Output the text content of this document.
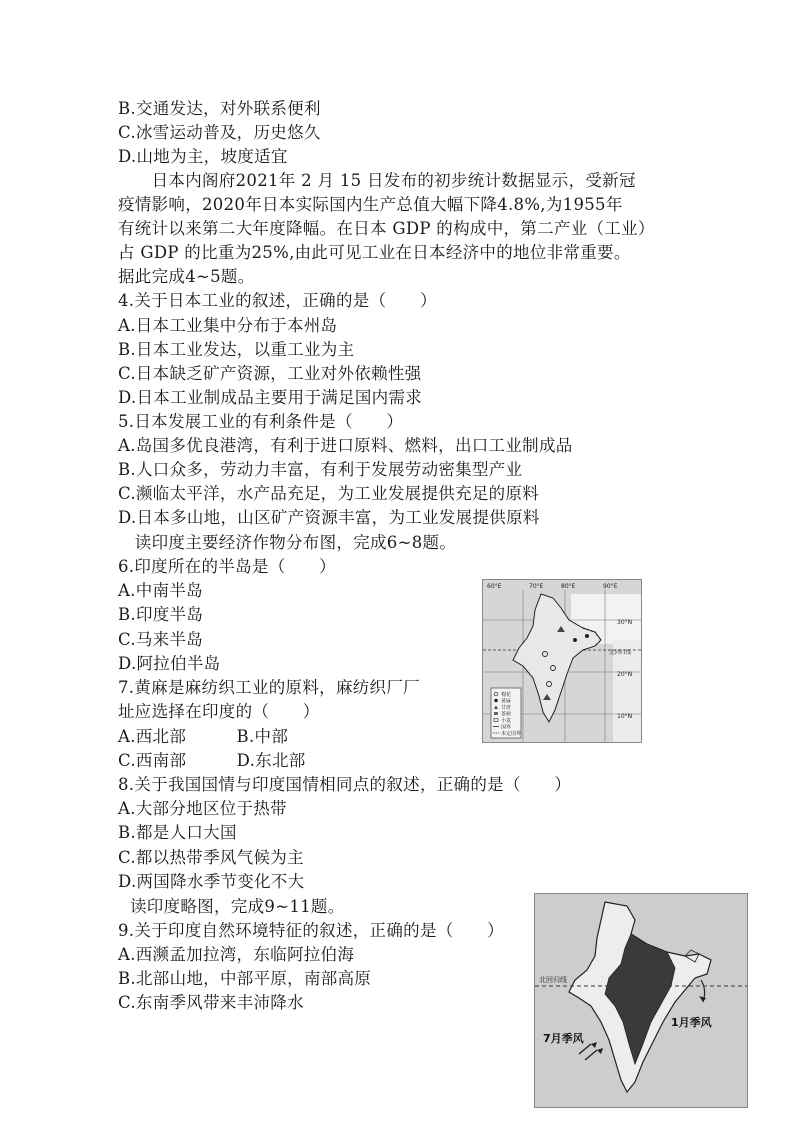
B.交通发达，对外联系便利
C.冰雪运动普及，历史悠久
D.山地为主，坡度适宜
　　日本内阁府2021年 2 月 15 日发布的初步统计数据显示，受新冠
疫情影响，2020年日本实际国内生产总值大幅下降4.8%,为1955年
有统计以来第二大年度降幅。在日本 GDP 的构成中，第二产业（工业）
占 GDP 的比重为25%,由此可见工业在日本经济中的地位非常重要。
据此完成4~5题。
4.关于日本工业的叙述，正确的是（　　）
A.日本工业集中分布于本州岛
B.日本工业发达，以重工业为主
C.日本缺乏矿产资源，工业对外依赖性强
D.日本工业制成品主要用于满足国内需求
5.日本发展工业的有利条件是（　　）
A.岛国多优良港湾，有利于进口原料、燃料，出口工业制成品
B.人口众多，劳动力丰富，有利于发展劳动密集型产业
C.濒临太平洋，水产品充足，为工业发展提供充足的原料
D.日本多山地，山区矿产资源丰富，为工业发展提供原料
　读印度主要经济作物分布图，完成6~8题。
6.印度所在的半岛是（　　）
A.中南半岛
B.印度半岛
C.马来半岛
D.阿拉伯半岛
7.黄麻是麻纺织工业的原料，麻纺织厂厂
址应选择在印度的（　　）
A.西北部　　　B.中部
C.西南部　　　D.东北部
8.关于我国国情与印度国情相同点的叙述，正确的是（　　）
A.大部分地区位于热带
B.都是人口大国
C.都以热带季风气候为主
D.两国降水季节变化不大
读印度略图，完成9~11题。
9.关于印度自然环境特征的叙述，正确的是（　　）
A.西濒孟加拉湾，东临阿拉伯海
B.北部山地，中部平原，南部高原
C.东南季风带来丰沛降水
60°E	70°E	80°E	90°E
30°N
20°N
10°N
北回归线
棉花
黄麻
甘蔗
茶树
小麦
国界
未定国界
北回归线
7月季风
1月季风
